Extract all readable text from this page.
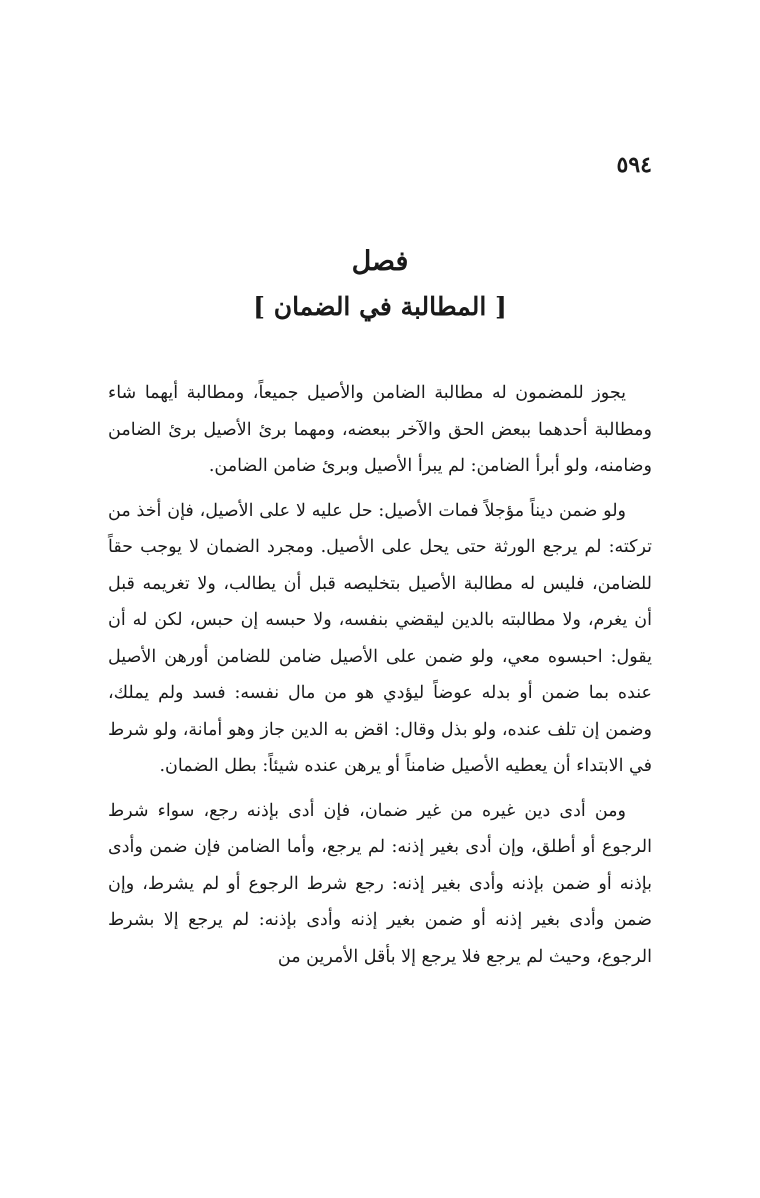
٥٩٤
فصل
[ المطالبة في الضمان ]

يجوز للمضمون له مطالبة الضامن والأصيل جميعاً، ومطالبة أيهما شاء ومطالبة أحدهما ببعض الحق والآخر ببعضه، ومهما برئ الأصيل برئ الضامن وضامنه، ولو أبرأ الضامن: لم يبرأ الأصيل وبرئ ضامن الضامن.

ولو ضمن ديناً مؤجلاً فمات الأصيل: حل عليه لا على الأصيل، فإن أخذ من تركته: لم يرجع الورثة حتى يحل على الأصيل. ومجرد الضمان لا يوجب حقاً للضامن، فليس له مطالبة الأصيل بتخليصه قبل أن يطالب، ولا تغريمه قبل أن يغرم، ولا مطالبته بالدين ليقضي بنفسه، ولا حبسه إن حبس، لكن له أن يقول: احبسوه معي، ولو ضمن على الأصيل ضامن للضامن أورهن الأصيل عنده بما ضمن أو بدله عوضاً ليؤدي هو من مال نفسه: فسد ولم يملك، وضمن إن تلف عنده، ولو بذل وقال: اقض به الدين جاز وهو أمانة، ولو شرط في الابتداء أن يعطيه الأصيل ضامناً أو يرهن عنده شيئاً: بطل الضمان.

ومن أدى دين غيره من غير ضمان، فإن أدى بإذنه رجع، سواء شرط الرجوع أو أطلق، وإن أدى بغير إذنه: لم يرجع، وأما الضامن فإن ضمن وأدى بإذنه أو ضمن بإذنه وأدى بغير إذنه: رجع شرط الرجوع أو لم يشرط، وإن ضمن وأدى بغير إذنه أو ضمن بغير إذنه وأدى بإذنه: لم يرجع إلا بشرط الرجوع، وحيث لم يرجع فلا يرجع إلا بأقل الأمرين من
